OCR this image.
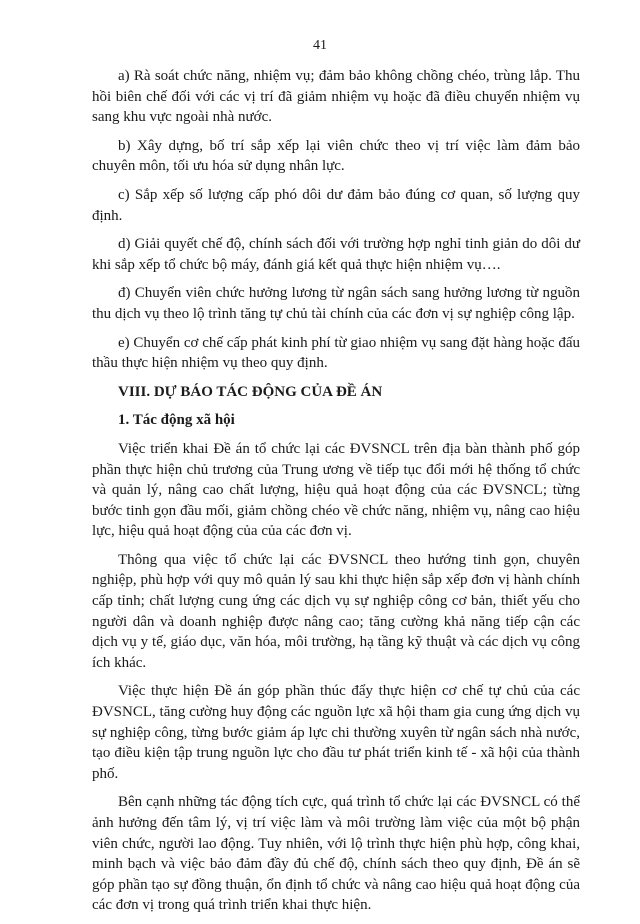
41

a) Rà soát chức năng, nhiệm vụ; đảm bảo không chồng chéo, trùng lắp. Thu hồi biên chế đối với các vị trí đã giảm nhiệm vụ hoặc đã điều chuyển nhiệm vụ sang khu vực ngoài nhà nước.

b) Xây dựng, bố trí sắp xếp lại viên chức theo vị trí việc làm đảm bảo chuyên môn, tối ưu hóa sử dụng nhân lực.

c) Sắp xếp số lượng cấp phó dôi dư đảm bảo đúng cơ quan, số lượng quy định.

d) Giải quyết chế độ, chính sách đối với trường hợp nghỉ tinh giản do dôi dư khi sắp xếp tổ chức bộ máy, đánh giá kết quả thực hiện nhiệm vụ….

đ) Chuyển viên chức hưởng lương từ ngân sách sang hưởng lương từ nguồn thu dịch vụ theo lộ trình tăng tự chủ tài chính của các đơn vị sự nghiệp công lập.

e) Chuyển cơ chế cấp phát kinh phí từ giao nhiệm vụ sang đặt hàng hoặc đấu thầu thực hiện nhiệm vụ theo quy định.

VIII. DỰ BÁO TÁC ĐỘNG CỦA ĐỀ ÁN
1. Tác động xã hội

Việc triển khai Đề án tổ chức lại các ĐVSNCL trên địa bàn thành phố góp phần thực hiện chủ trương của Trung ương về tiếp tục đổi mới hệ thống tổ chức và quản lý, nâng cao chất lượng, hiệu quả hoạt động của các ĐVSNCL; từng bước tinh gọn đầu mối, giảm chồng chéo về chức năng, nhiệm vụ, nâng cao hiệu lực, hiệu quả hoạt động của của các đơn vị.

Thông qua việc tổ chức lại các ĐVSNCL theo hướng tinh gọn, chuyên nghiệp, phù hợp với quy mô quản lý sau khi thực hiện sắp xếp đơn vị hành chính cấp tỉnh; chất lượng cung ứng các dịch vụ sự nghiệp công cơ bản, thiết yếu cho người dân và doanh nghiệp được nâng cao; tăng cường khả năng tiếp cận các dịch vụ y tế, giáo dục, văn hóa, môi trường, hạ tầng kỹ thuật và các dịch vụ công ích khác.

Việc thực hiện Đề án góp phần thúc đẩy thực hiện cơ chế tự chủ của các ĐVSNCL, tăng cường huy động các nguồn lực xã hội tham gia cung ứng dịch vụ sự nghiệp công, từng bước giảm áp lực chi thường xuyên từ ngân sách nhà nước, tạo điều kiện tập trung nguồn lực cho đầu tư phát triển kinh tế - xã hội của thành phố.

Bên cạnh những tác động tích cực, quá trình tổ chức lại các ĐVSNCL có thể ảnh hưởng đến tâm lý, vị trí việc làm và môi trường làm việc của một bộ phận viên chức, người lao động. Tuy nhiên, với lộ trình thực hiện phù hợp, công khai, minh bạch và việc bảo đảm đầy đủ chế độ, chính sách theo quy định, Đề án sẽ góp phần tạo sự đồng thuận, ổn định tổ chức và nâng cao hiệu quả hoạt động của các đơn vị trong quá trình triển khai thực hiện.
